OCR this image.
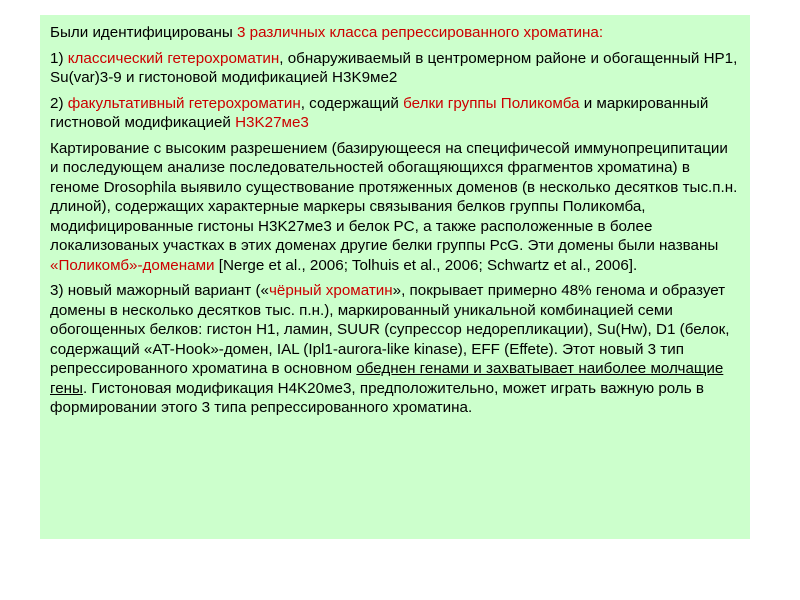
Были идентифицированы 3 различных класса репрессированного хроматина:

1) классический гетерохроматин, обнаруживаемый в центромерном районе и обогащенный HP1, Su(var)3-9 и гистоновой модификацией H3K9ме2

2) факультативный гетерохроматин, содержащий белки группы Поликомба и маркированный гистновой модификацией H3K27ме3

Картирование с высоким разрешением (базирующееся на специфичесой иммунопреципитации и последующем анализе последовательностей обогащяющихся фрагментов хроматина) в геноме Drosophila выявило существование протяженных доменов (в несколько десятков тыс.п.н. длиной), содержащих характерные маркеры связывания белков группы Поликомба, модифицированные гистоны H3K27ме3 и белок PC, а также расположенные в более локализованых участках в этих доменах другие белки группы PcG. Эти домены были названы «Поликомб»-доменами [Nerge et al., 2006; Tolhuis et al., 2006; Schwartz et al., 2006].

3) новый мажорный вариант («чёрный хроматин», покрывает примерно 48% генома и образует домены в несколько десятков тыс. п.н.), маркированный уникальной комбинацией семи обогощенных белков: гистон H1, ламин, SUUR (супрессор недорепликации), Su(Hw), D1 (белок, содержащий «AT-Hook»-домен, IAL (Ipl1-aurora-like kinase), EFF (Effete). Этот новый 3 тип репрессированного хроматина в основном обеднен генами и захватывает наиболее молчащие гены. Гистоновая модификация H4K20ме3, предположительно, может играть важную роль в формировании этого 3 типа репрессированного хроматина.
